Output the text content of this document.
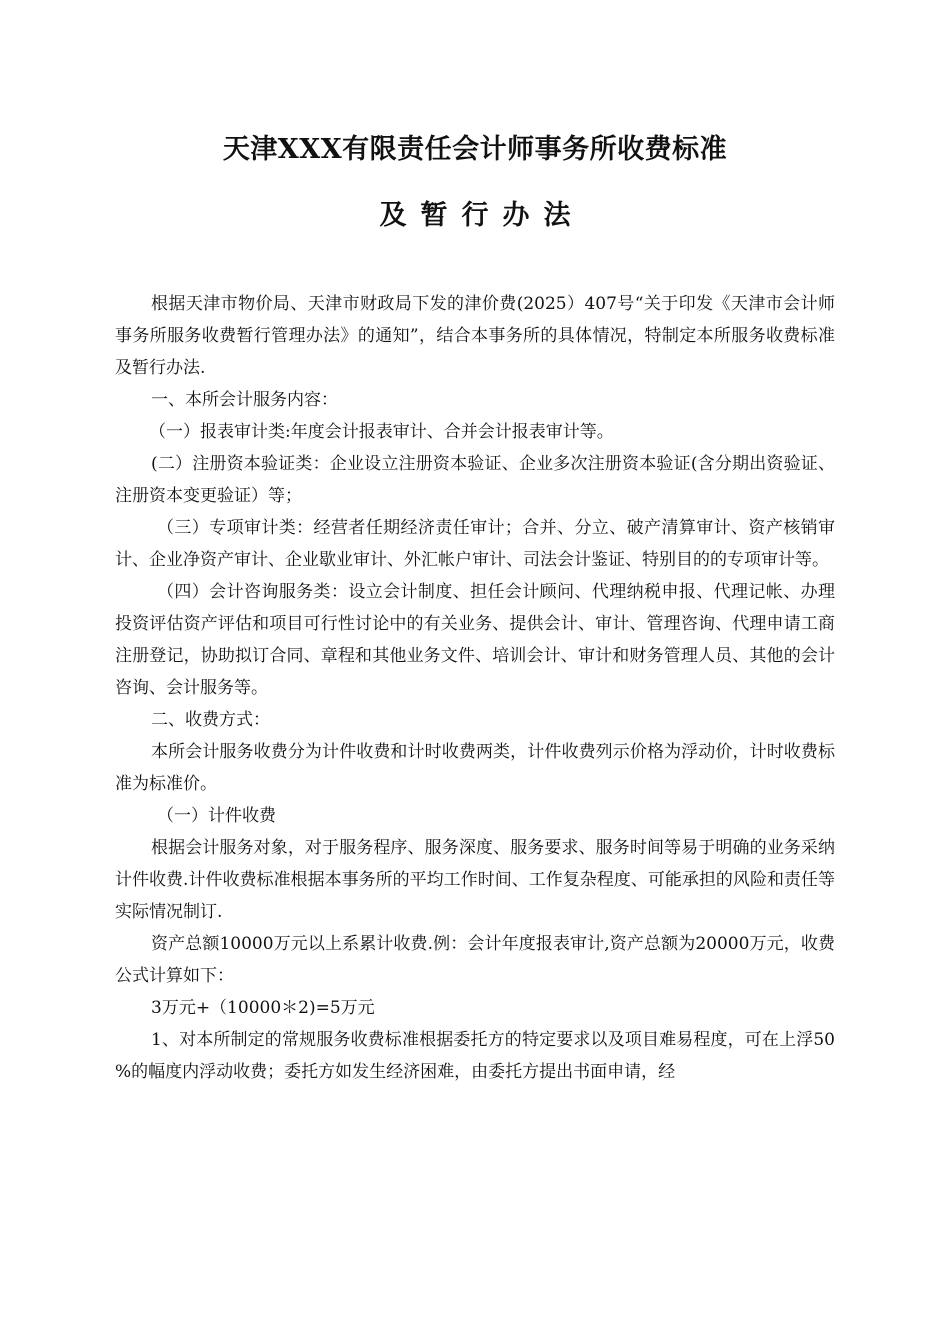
天津XXX有限责任会计师事务所收费标准
及暂行办法

根据天津市物价局、天津市财政局下发的津价费(2025）407号“关于印发《天津市会计师事务所服务收费暂行管理办法》的通知”，结合本事务所的具体情况，特制定本所服务收费标准及暂行办法.

一、本所会计服务内容：

（一）报表审计类:年度会计报表审计、合并会计报表审计等。

(二）注册资本验证类：企业设立注册资本验证、企业多次注册资本验证(含分期出资验证、注册资本变更验证）等；

（三）专项审计类：经营者任期经济责任审计；合并、分立、破产清算审计、资产核销审计、企业净资产审计、企业歇业审计、外汇帐户审计、司法会计鉴证、特别目的的专项审计等。

（四）会计咨询服务类：设立会计制度、担任会计顾问、代理纳税申报、代理记帐、办理投资评估资产评估和项目可行性讨论中的有关业务、提供会计、审计、管理咨询、代理申请工商注册登记，协助拟订合同、章程和其他业务文件、培训会计、审计和财务管理人员、其他的会计咨询、会计服务等。

二、收费方式：

本所会计服务收费分为计件收费和计时收费两类，计件收费列示价格为浮动价，计时收费标准为标准价。

（一）计件收费

根据会计服务对象，对于服务程序、服务深度、服务要求、服务时间等易于明确的业务采纳计件收费.计件收费标准根据本事务所的平均工作时间、工作复杂程度、可能承担的风险和责任等实际情况制订.

资产总额10000万元以上系累计收费.例：会计年度报表审计,资产总额为20000万元，收费公式计算如下：

3万元+（10000＊2)=5万元

1、对本所制定的常规服务收费标准根据委托方的特定要求以及项目难易程度，可在上浮50 %的幅度内浮动收费；委托方如发生经济困难，由委托方提出书面申请，经
